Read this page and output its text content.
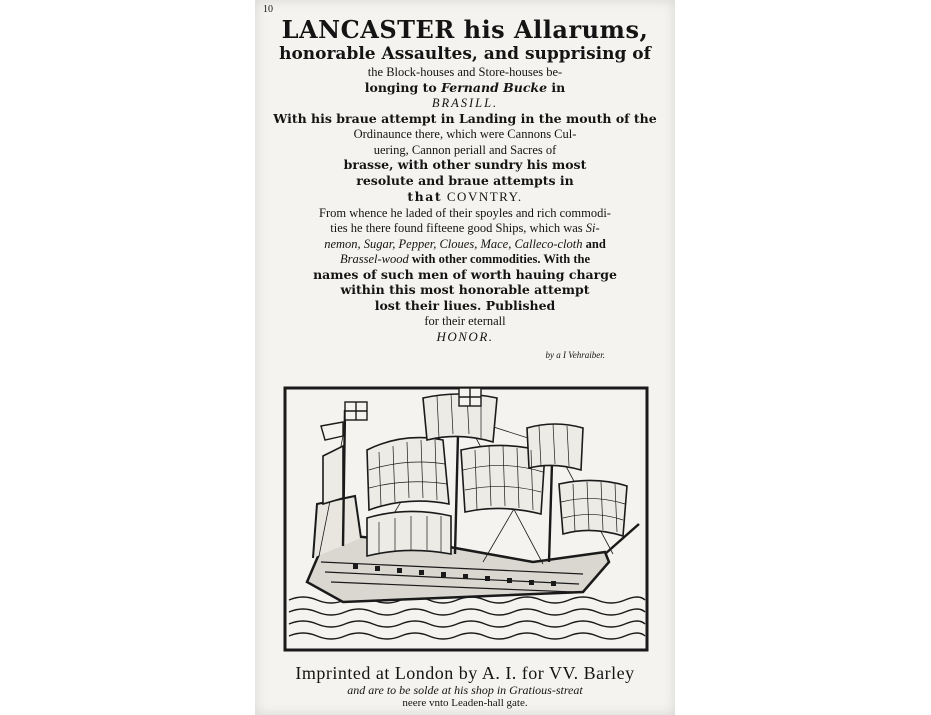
10
LANCASTER his Allarums,
honorable Assaultes, and supprising of
the Block-houses and Store-houses be-
longing to Fernand Bucke in
BRASILL.
With his braue attempt in Landing in the mouth of the
Ordinaunce there, which were Cannons Cul-
uering, Cannon periall and Sacres of
brasse, with other sundry his most
resolute and braue attempts in
that COVNTRY.
From whence he laded of their spoyles and rich commodi-
ties he there found fifteene good Ships, which was Si-
nemon, Sugar, Pepper, Cloues, Mace, Calleco-cloth and
Brassel-wood with other commodities. With the
names of such men of worth hauing charge
within this most honorable attempt
lost their liues. Published
for their eternall
HONOR.
by a I Vehraiber.
Imprinted at London by A. I. for VV. Barley
and are to be solde at his shop in Gratious-streat
neere vnto Leaden-hall gate.
